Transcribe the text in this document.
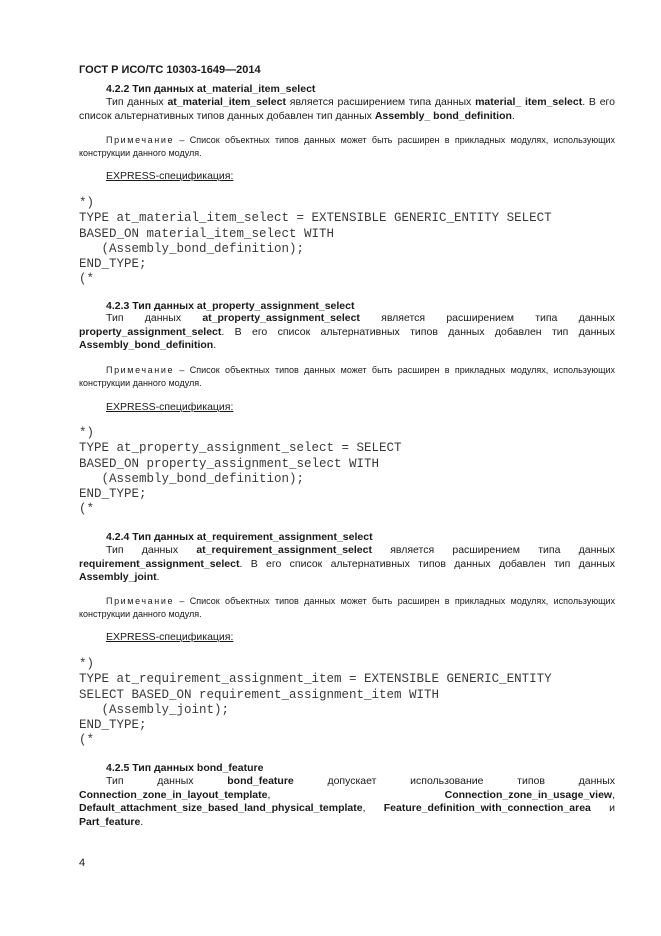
ГОСТ Р ИСО/ТС 10303-1649—2014
4.2.2 Тип данных at_material_item_select
Тип данных at_material_item_select является расширением типа данных material_ item_select. В его список альтернативных типов данных добавлен тип данных Assembly_ bond_definition.
Примечание – Список объектных типов данных может быть расширен в прикладных модулях, использующих конструкции данного модуля.
EXPRESS-спецификация:
*)
TYPE at_material_item_select = EXTENSIBLE GENERIC_ENTITY SELECT
BASED_ON material_item_select WITH
(Assembly_bond_definition);
END_TYPE;
(*
4.2.3 Тип данных at_property_assignment_select
Тип данных at_property_assignment_select является расширением типа данных property_assignment_select. В его список альтернативных типов данных добавлен тип данных Assembly_bond_definition.
Примечание – Список объектных типов данных может быть расширен в прикладных модулях, использующих конструкции данного модуля.
EXPRESS-спецификация:
*)
TYPE at_property_assignment_select = SELECT
BASED_ON property_assignment_select WITH
(Assembly_bond_definition);
END_TYPE;
(*
4.2.4 Тип данных at_requirement_assignment_select
Тип данных at_requirement_assignment_select является расширением типа данных requirement_assignment_select. В его список альтернативных типов данных добавлен тип данных Assembly_joint.
Примечание – Список объектных типов данных может быть расширен в прикладных модулях, использующих конструкции данного модуля.
EXPRESS-спецификация:
*)
TYPE at_requirement_assignment_item = EXTENSIBLE GENERIC_ENTITY
SELECT BASED_ON requirement_assignment_item WITH
(Assembly_joint);
END_TYPE;
(*
4.2.5 Тип данных bond_feature
Тип данных bond_feature допускает использование типов данных Connection_zone_in_layout_template, Connection_zone_in_usage_view, Default_attachment_size_based_land_physical_template, Feature_definition_with_connection_area и Part_feature.
4
